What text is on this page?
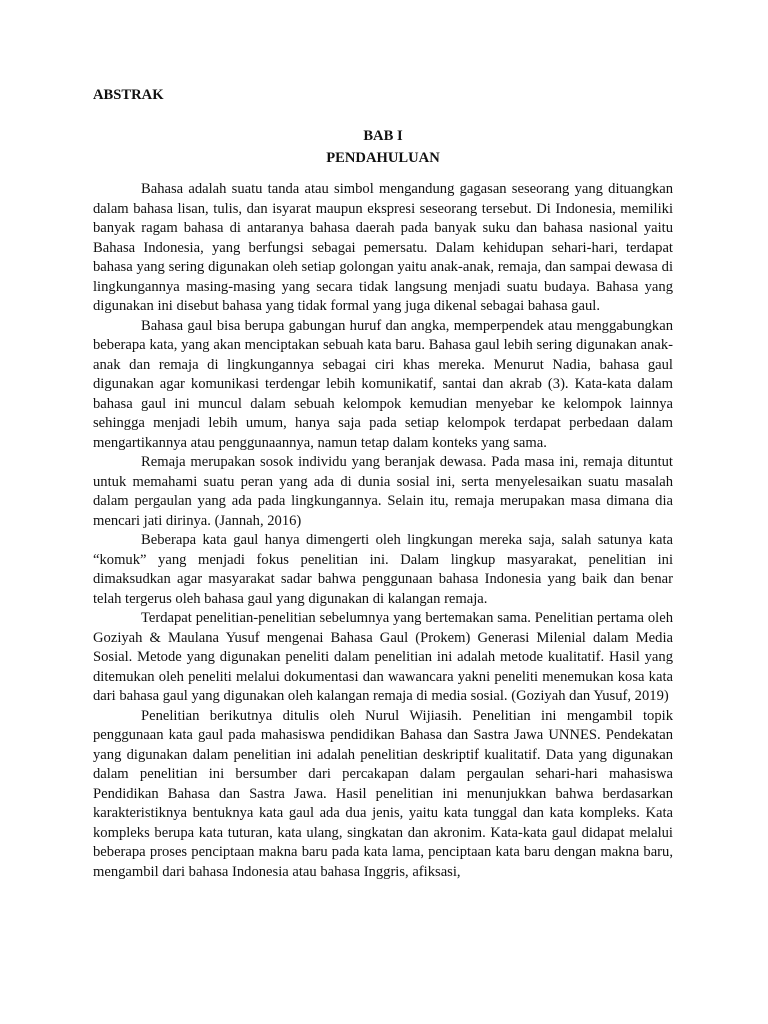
ABSTRAK
BAB I
PENDAHULUAN

Bahasa adalah suatu tanda atau simbol mengandung gagasan seseorang yang dituangkan dalam bahasa lisan, tulis, dan isyarat maupun ekspresi seseorang tersebut. Di Indonesia, memiliki banyak ragam bahasa di antaranya bahasa daerah pada banyak suku dan bahasa nasional yaitu Bahasa Indonesia, yang berfungsi sebagai pemersatu. Dalam kehidupan sehari-hari, terdapat bahasa yang sering digunakan oleh setiap golongan yaitu anak-anak, remaja, dan sampai dewasa di lingkungannya masing-masing yang secara tidak langsung menjadi suatu budaya. Bahasa yang digunakan ini disebut bahasa yang tidak formal yang juga dikenal sebagai bahasa gaul.

Bahasa gaul bisa berupa gabungan huruf dan angka, memperpendek atau menggabungkan beberapa kata, yang akan menciptakan sebuah kata baru. Bahasa gaul lebih sering digunakan anak-anak dan remaja di lingkungannya sebagai ciri khas mereka. Menurut Nadia, bahasa gaul digunakan agar komunikasi terdengar lebih komunikatif, santai dan akrab (3). Kata-kata dalam bahasa gaul ini muncul dalam sebuah kelompok kemudian menyebar ke kelompok lainnya sehingga menjadi lebih umum, hanya saja pada setiap kelompok terdapat perbedaan dalam mengartikannya atau penggunaannya, namun tetap dalam konteks yang sama.

Remaja merupakan sosok individu yang beranjak dewasa. Pada masa ini, remaja dituntut untuk memahami suatu peran yang ada di dunia sosial ini, serta menyelesaikan suatu masalah dalam pergaulan yang ada pada lingkungannya. Selain itu, remaja merupakan masa dimana dia mencari jati dirinya. (Jannah, 2016)

Beberapa kata gaul hanya dimengerti oleh lingkungan mereka saja, salah satunya kata “komuk” yang menjadi fokus penelitian ini. Dalam lingkup masyarakat, penelitian ini dimaksudkan agar masyarakat sadar bahwa penggunaan bahasa Indonesia yang baik dan benar telah tergerus oleh bahasa gaul yang digunakan di kalangan remaja.

Terdapat penelitian-penelitian sebelumnya yang bertemakan sama. Penelitian pertama oleh Goziyah & Maulana Yusuf mengenai Bahasa Gaul (Prokem) Generasi Milenial dalam Media Sosial. Metode yang digunakan peneliti dalam penelitian ini adalah metode kualitatif. Hasil yang ditemukan oleh peneliti melalui dokumentasi dan wawancara yakni peneliti menemukan kosa kata dari bahasa gaul yang digunakan oleh kalangan remaja di media sosial. (Goziyah dan Yusuf, 2019)

Penelitian berikutnya ditulis oleh Nurul Wijiasih. Penelitian ini mengambil topik penggunaan kata gaul pada mahasiswa pendidikan Bahasa dan Sastra Jawa UNNES. Pendekatan yang digunakan dalam penelitian ini adalah penelitian deskriptif kualitatif. Data yang digunakan dalam penelitian ini bersumber dari percakapan dalam pergaulan sehari-hari mahasiswa Pendidikan Bahasa dan Sastra Jawa. Hasil penelitian ini menunjukkan bahwa berdasarkan karakteristiknya bentuknya kata gaul ada dua jenis, yaitu kata tunggal dan kata kompleks. Kata kompleks berupa kata tuturan, kata ulang, singkatan dan akronim. Kata-kata gaul didapat melalui beberapa proses penciptaan makna baru pada kata lama, penciptaan kata baru dengan makna baru, mengambil dari bahasa Indonesia atau bahasa Inggris, afiksasi,
